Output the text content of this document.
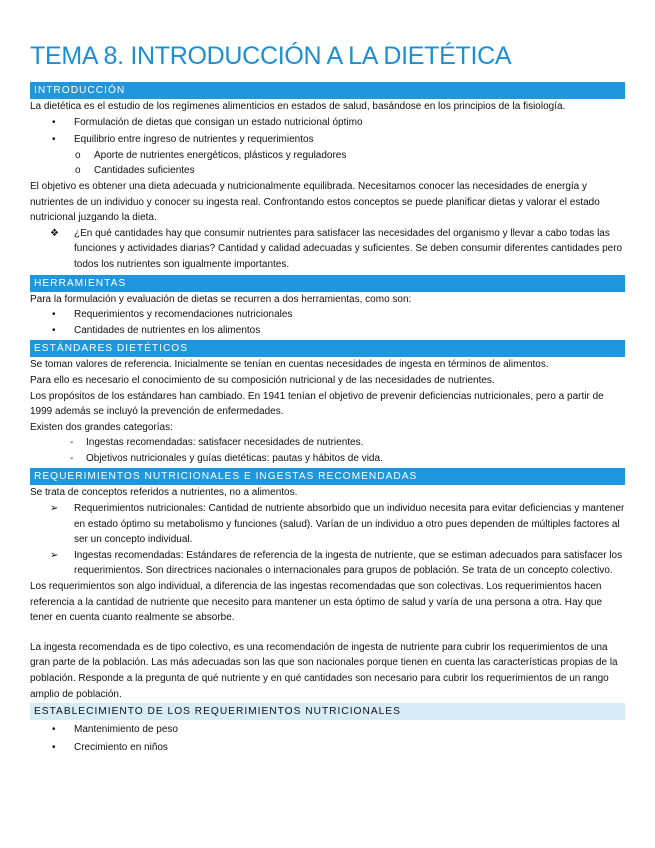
TEMA 8. INTRODUCCIÓN A LA DIETÉTICA
INTRODUCCIÓN

La dietética es el estudio de los regímenes alimenticios en estados de salud, basándose en los principios de la fisiología.

• Formulación de dietas que consigan un estado nutricional óptimo
• Equilibrio entre ingreso de nutrientes y requerimientos
o Aporte de nutrientes energéticos, plásticos y reguladores
o Cantidades suficientes

El objetivo es obtener una dieta adecuada y nutricionalmente equilibrada. Necesitamos conocer las necesidades de energía y nutrientes de un individuo y conocer su ingesta real. Confrontando estos conceptos se puede planificar dietas y valorar el estado nutricional juzgando la dieta.

❖ ¿En qué cantidades hay que consumir nutrientes para satisfacer las necesidades del organismo y llevar a cabo todas las funciones y actividades diarias? Cantidad y calidad adecuadas y suficientes. Se deben consumir diferentes cantidades pero todos los nutrientes son igualmente importantes.
HERRAMIENTAS

Para la formulación y evaluación de dietas se recurren a dos herramientas, como son:

• Requerimientos y recomendaciones nutricionales
• Cantidades de nutrientes en los alimentos
ESTÁNDARES DIETÉTICOS

Se toman valores de referencia. Inicialmente se tenían en cuentas necesidades de ingesta en términos de alimentos.

Para ello es necesario el conocimiento de su composición nutricional y de las necesidades de nutrientes.

Los propósitos de los estándares han cambiado. En 1941 tenían el objetivo de prevenir deficiencias nutricionales, pero a partir de 1999 además se incluyó la prevención de enfermedades.

Existen dos grandes categorías:

- Ingestas recomendadas: satisfacer necesidades de nutrientes.
- Objetivos nutricionales y guías dietéticas: pautas y hábitos de vida.
REQUERIMIENTOS NUTRICIONALES E INGESTAS RECOMENDADAS

Se trata de conceptos referidos a nutrientes, no a alimentos.

➢ Requerimientos nutricionales: Cantidad de nutriente absorbido que un individuo necesita para evitar deficiencias y mantener en estado óptimo su metabolismo y funciones (salud). Varían de un individuo a otro pues dependen de múltiples factores al ser un concepto individual.
➢ Ingestas recomendadas: Estándares de referencia de la ingesta de nutriente, que se estiman adecuados para satisfacer los requerimientos. Son directrices nacionales o internacionales para grupos de población. Se trata de un concepto colectivo.

Los requerimientos son algo individual, a diferencia de las ingestas recomendadas que son colectivas. Los requerimientos hacen referencia a la cantidad de nutriente que necesito para mantener un esta óptimo de salud y varía de una persona a otra. Hay que tener en cuenta cuanto realmente se absorbe.

La ingesta recomendada es de tipo colectivo, es una recomendación de ingesta de nutriente para cubrir los requerimientos de una gran parte de la población. Las más adecuadas son las que son nacionales porque tienen en cuenta las características propias de la población. Responde a la pregunta de qué nutriente y en qué cantidades son necesario para cubrir los requerimientos de un rango amplio de población.

ESTABLECIMIENTO DE LOS REQUERIMIENTOS NUTRICIONALES
• Mantenimiento de peso
• Crecimiento en niños
